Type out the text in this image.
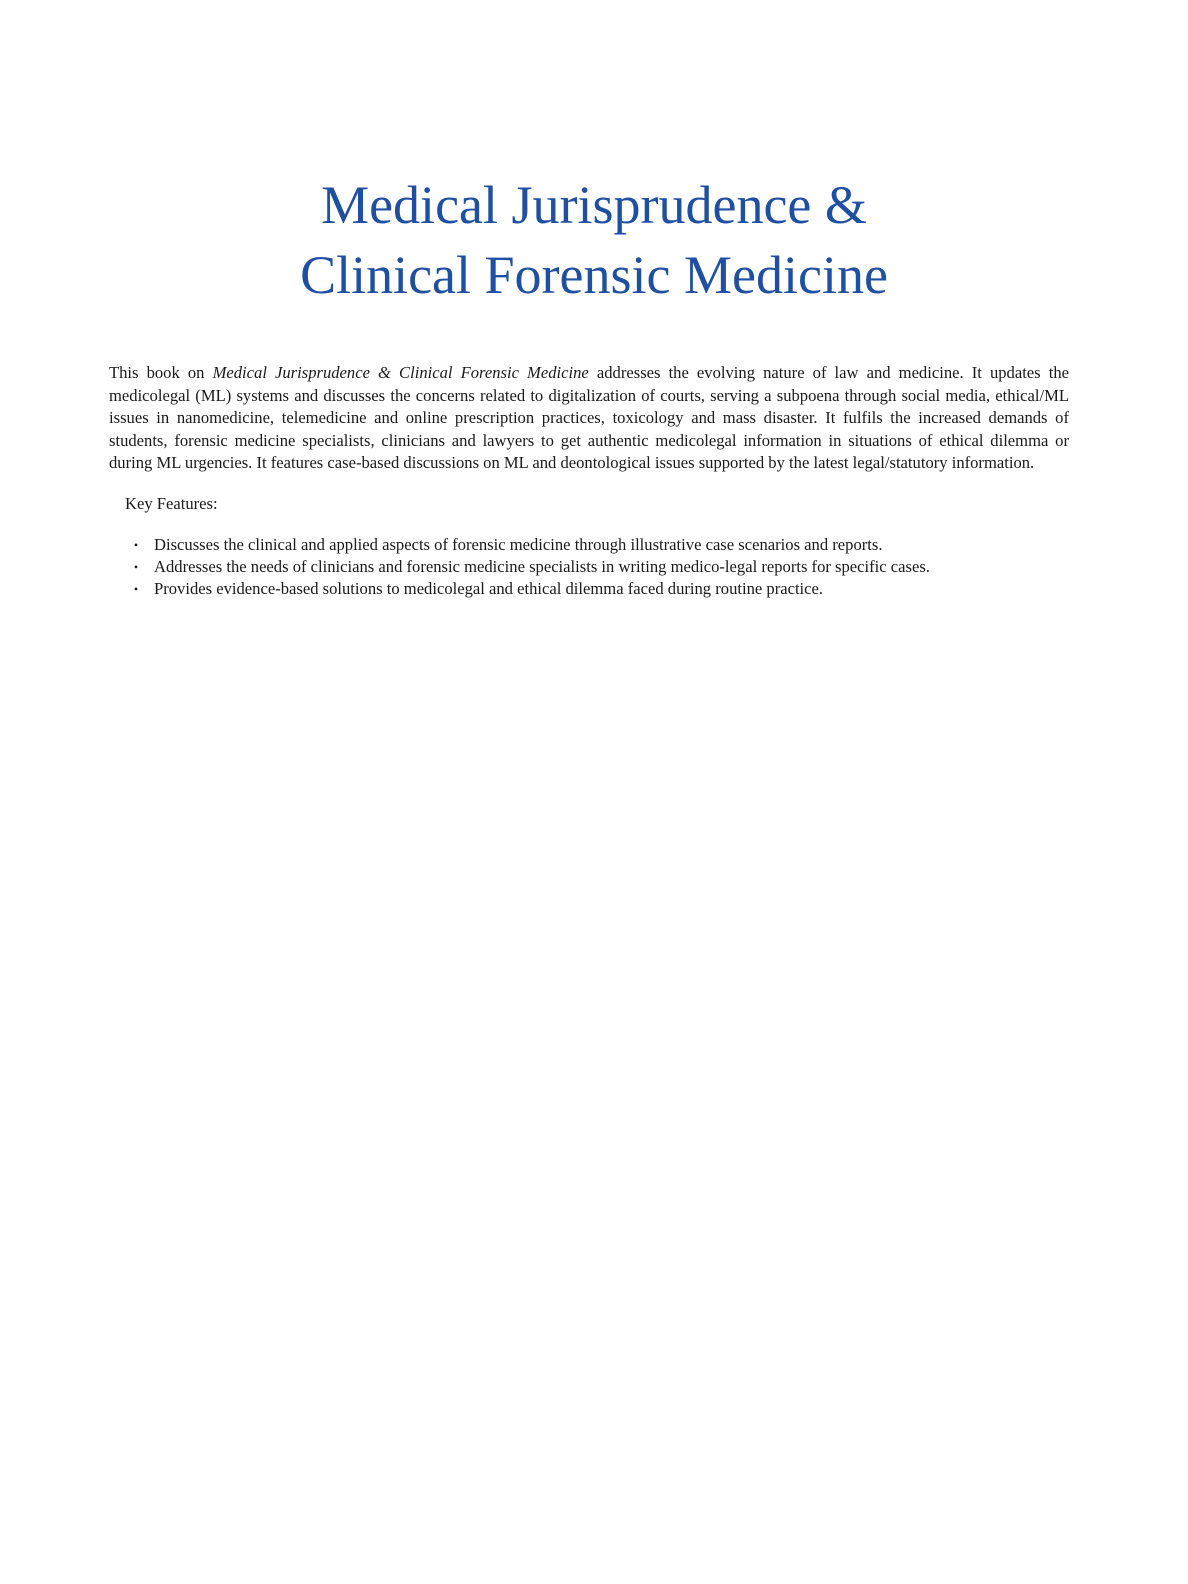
Medical Jurisprudence &
Clinical Forensic Medicine

This book on Medical Jurisprudence & Clinical Forensic Medicine addresses the evolving nature of law and medicine. It updates the medicolegal (ML) systems and discusses the concerns related to digitalization of courts, serving a subpoena through social media, ethical/ML issues in nanomedicine, telemedicine and online prescription practices, toxicology and mass disaster. It fulfils the increased demands of students, forensic medicine specialists, clinicians and lawyers to get authentic medicolegal information in situations of ethical dilemma or during ML urgencies. It features case-based discussions on ML and deontological issues supported by the latest legal/statutory information.

Key Features:
• Discusses the clinical and applied aspects of forensic medicine through illustrative case scenarios and reports.
• Addresses the needs of clinicians and forensic medicine specialists in writing medico-legal reports for specific cases.
• Provides evidence-based solutions to medicolegal and ethical dilemma faced during routine practice.
